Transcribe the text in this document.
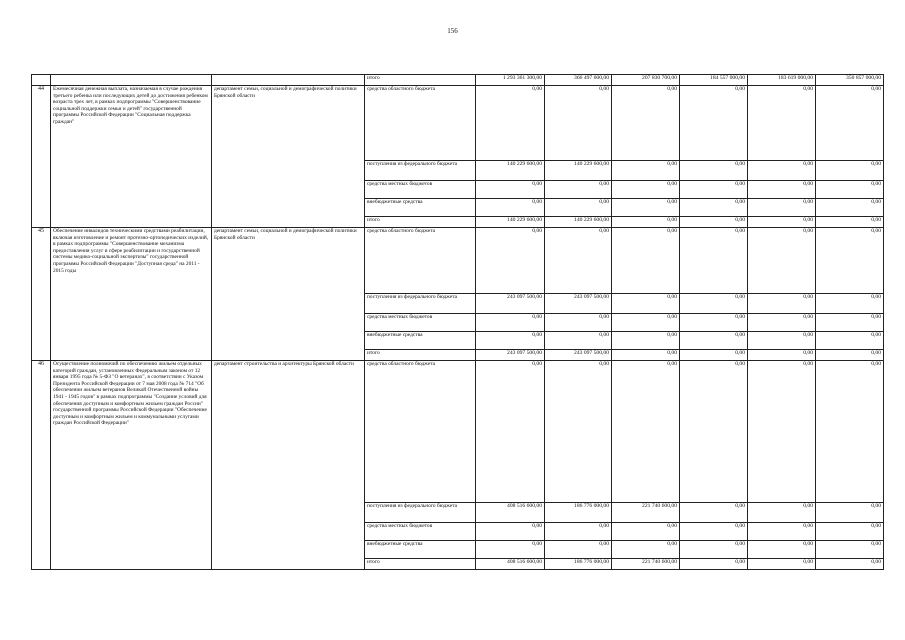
156
			итого	1 293 361 300,00	366 497 600,00	207 830 700,00	184 557 000,00	183 619 000,00	350 857 000,00
44	Ежемесячная денежная выплата, назначаемая в случае рождения третьего ребенка или последующих детей до достижения ребенком возраста трех лет, в рамках подпрограммы "Совершенствование социальной поддержки семьи и детей" государственной программы Российской Федерации "Социальная поддержка граждан"	департамент семьи, социальной и демографической политики Брянской области	средства областного бюджета	0,00	0,00	0,00	0,00	0,00	0,00
			поступления из федерального бюджета	140 229 600,00	140 229 600,00	0,00	0,00	0,00	0,00
			средства местных бюджетов	0,00	0,00	0,00	0,00	0,00	0,00
			внебюджетные средства	0,00	0,00	0,00	0,00	0,00	0,00
			итого	140 229 600,00	140 229 600,00	0,00	0,00	0,00	0,00
45	Обеспечение инвалидов техническими средствами реабилитации, включая изготовление и ремонт протезно-ортопедических изделий, в рамках подпрограммы "Совершенствование механизма предоставления услуг в сфере реабилитации и государственной системы медико-социальной экспертизы" государственной программы Российской Федерации "Доступная среда" на 2011 - 2015 годы	департамент семьи, социальной и демографической политики Брянской области	средства областного бюджета	0,00	0,00	0,00	0,00	0,00	0,00
			поступления из федерального бюджета	243 097 500,00	243 097 500,00	0,00	0,00	0,00	0,00
			средства местных бюджетов	0,00	0,00	0,00	0,00	0,00	0,00
			внебюджетные средства	0,00	0,00	0,00	0,00	0,00	0,00
			итого	243 097 500,00	243 097 500,00	0,00	0,00	0,00	0,00
46	Осуществление полномочий по обеспечению жильем отдельных категорий граждан, установленных Федеральным законом от 12 января 1995 года № 5-ФЗ "О ветеранах", в соответствии с Указом Президента Российской Федерации от 7 мая 2008 года № 714 "Об обеспечении жильем ветеранов Великой Отечественной войны 1941 - 1945 годов" в рамках подпрограммы "Создание условий для обеспечения доступным и комфортным жильем граждан России" государственной программы Российской Федерации "Обеспечение доступным и комфортным жильем и коммунальными услугами граждан Российской Федерации"	департамент строительства и архитектуры Брянской области	средства областного бюджета	0,00	0,00	0,00	0,00	0,00	0,00
			поступления из федерального бюджета	408 516 600,00	186 776 000,00	221 740 600,00	0,00	0,00	0,00
			средства местных бюджетов	0,00	0,00	0,00	0,00	0,00	0,00
			внебюджетные средства	0,00	0,00	0,00	0,00	0,00	0,00
			итого	408 516 600,00	186 776 000,00	221 740 600,00	0,00	0,00	0,00
